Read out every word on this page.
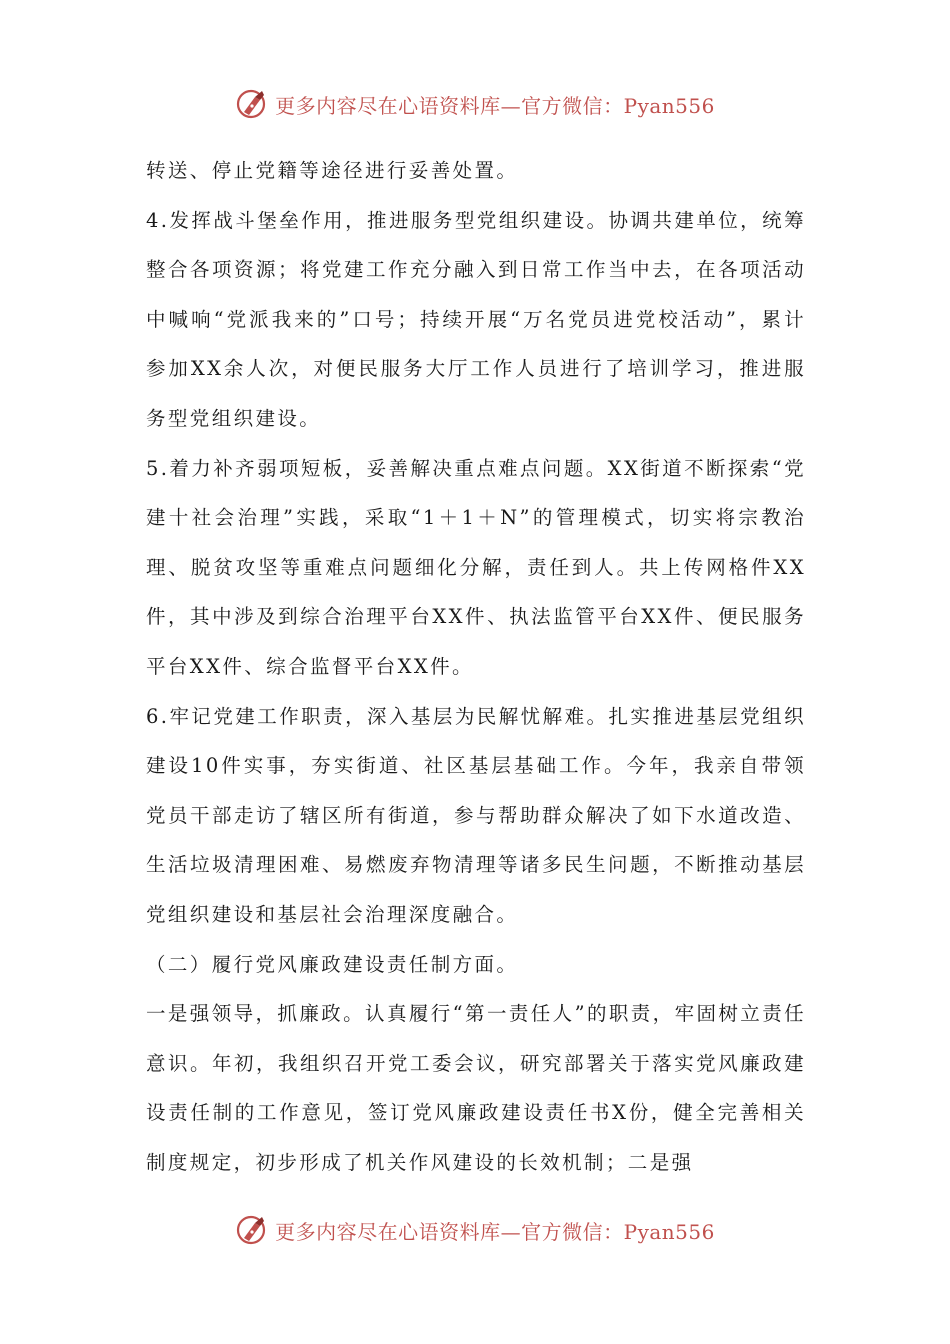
更多内容尽在心语资料库—官方微信：Pyan556

转送、停止党籍等途径进行妥善处置。

4.发挥战斗堡垒作用，推进服务型党组织建设。协调共建单位，统筹整合各项资源；将党建工作充分融入到日常工作当中去，在各项活动中喊响“党派我来的”口号；持续开展“万名党员进党校活动”，累计参加XX余人次，对便民服务大厅工作人员进行了培训学习，推进服务型党组织建设。

5.着力补齐弱项短板，妥善解决重点难点问题。XX街道不断探索“党建十社会治理”实践，采取“1＋1＋N”的管理模式，切实将宗教治理、脱贫攻坚等重难点问题细化分解，责任到人。共上传网格件XX件，其中涉及到综合治理平台XX件、执法监管平台XX件、便民服务平台XX件、综合监督平台XX件。

6.牢记党建工作职责，深入基层为民解忧解难。扎实推进基层党组织建设10件实事，夯实街道、社区基层基础工作。今年，我亲自带领党员干部走访了辖区所有街道，参与帮助群众解决了如下水道改造、生活垃圾清理困难、易燃废弃物清理等诸多民生问题，不断推动基层党组织建设和基层社会治理深度融合。

（二）履行党风廉政建设责任制方面。

一是强领导，抓廉政。认真履行“第一责任人”的职责，牢固树立责任意识。年初，我组织召开党工委会议，研究部署关于落实党风廉政建设责任制的工作意见，签订党风廉政建设责任书X份，健全完善相关制度规定，初步形成了机关作风建设的长效机制；二是强

更多内容尽在心语资料库—官方微信：Pyan556
